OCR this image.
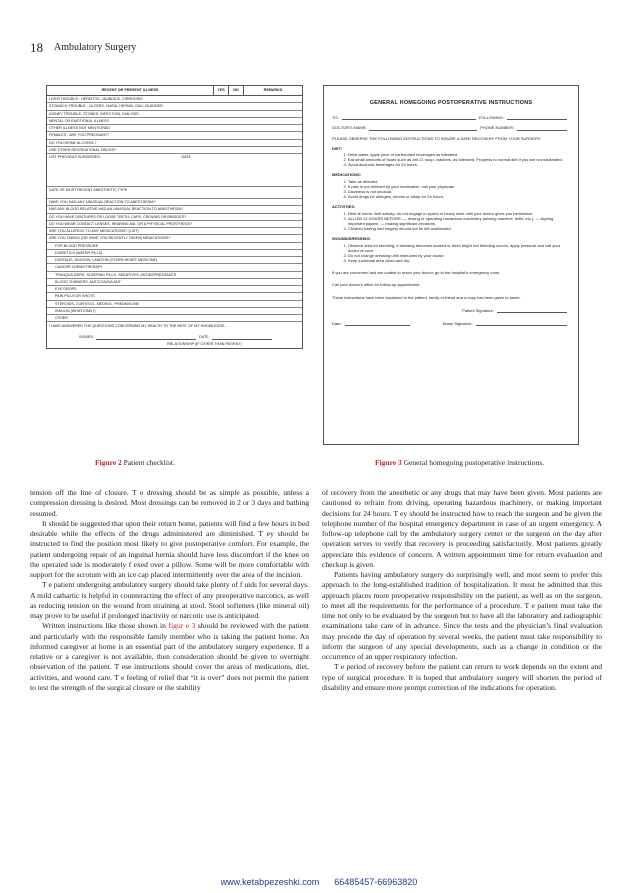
18 Ambulatory Surgery
RECENT OR PRESENT ILLNESS	YES	NO	REMARKS
LIVER TROUBLE : HEPATITIS, JAUNDICE, CIRRHOSIS
STOMACH TROUBLE : ULCERS, HIATAL HERNIA, GALL BLADDER
KIDNEY TROUBLE, STONES, INFECTION, DIALYSIS
MENTAL OR EMOTIONAL ILLNESS
OTHER ILLNESS NOT MENTIONED
FEMALES : ARE YOU PREGNANT?
DO YOU DRINK ALCOHOL?
USE OTHER RECREATIONAL DRUGS?
LIST PREVIOUS SURGERIES:	DATE
DATE OF MOST RECENT ANESTHETIC TYPE
HAVE YOU HAD ANY UNUSUAL REACTION TO ANESTHESIA?
HAS ANY BLOOD RELATIVE HAD AN UNUSUAL REACTION TO ANESTHESIA?
DO YOU HAVE DENTURES OR LOOSE TEETH, CAPS, CROWNS OR BRIDGES?
DO YOU WEAR CONTACT LENSES, HEARING AID, OR A PHYSICAL PROSTHESIS?
ARE YOU ALLERGIC TO ANY MEDICATIONS? (LIST)
ARE YOU TAKING (OR HAVE YOU RECENTLY TAKEN) MEDICATIONS?
FOR BLOOD PRESSURE
DIURETICS (WATER PILLS)
DIGITALIS, DIGOXIN, LANOXIN (OTHER HEART MEDICINE)
CANCER CHEMOTHERAPY
TRANQUILIZERS, SLEEPING PILLS, SEDATIVES, ANTIDEPRESSANTS
BLOOD THINNERS, ANTICOAGULANT
EYE DROPS
PAIN PILLS OR SHOTS
STEROIDS, CORTISOL, MEDROL, PREDNISONE
INSULIN (WHAT KIND?)
OTHER
I HAVE ANSWERED THE QUESTIONS CONCERNING MY HEALTH TO THE BEST OF MY KNOWLEDGE.
SIGNED	DATE
RELATIONSHIP (IF OTHER THAN PATIENT)
Figure 2 Patient checklist.
GENERAL HOMEGOING POSTOPERATIVE INSTRUCTIONS
TO:	FOLLOWING:
DOCTOR'S NAME:	PHONE NUMBER:
PLEASE OBSERVE THE FOLLOWING INSTRUCTIONS TO INSURE A SAFE RECOVERY FROM YOUR SURGERY.
DIET:
1. Drink water, apple juice or carbonated beverages as tolerated.
2. Eat small amounts of foods such as Jell-O, soup, crackers, as tolerated. Progress to normal diet if you are not nauseated.
3. Avoid alcoholic beverages for 24 hours.
MEDICATIONS:
1. Take as directed.
2. If pain is not relieved by your medication, call your physician.
3. Dizziness is not unusual.
4. Avoid drugs for allergies, nerves or sleep for 24 hours.
ACTIVITIES:
1. Rest at home; limit activity; do not engage in sports or heavy work until your doctor gives you permission.
2. ALLOW 24 HOURS BEFORE: — driving or operating hazardous machinery (sewing machine, drills, etc.). — signing important papers. — making significant decisions.
3. Children having had surgery should not be left unattended.
WOUND/DRESSING:
1. Observe area for bleeding; if dressing becomes soaked or fresh bright red bleeding occurs, apply pressure and call your doctor at once.
2. Do not change dressing until instructed by your doctor.
3. Keep incisional area clean and dry.
If you are concerned and are unable to reach your doctor, go to the hospital's emergency room.
Call your doctor's office for follow-up appointment.
These instructions have been explained to the patient, family or friend and a copy has been given to same.
Patient Signature:
Date:	Nurse Signature:
Figure 3 General homegoing postoperative instructions.

tension off the line of closure. T e dressing should be as simple as possible, unless a compression dressing is desired. Most dressings can be removed in 2 or 3 days and bathing resumed.

It should be suggested that upon their return home, patients will find a few hours in bed desirable while the effects of the drugs administered are diminished. T ey should be instructed to find the position most likely to give postoperative comfort. For example, the patient undergoing repair of an inguinal hernia should have less discomfort if the knee on the operated side is moderately f exed over a pillow. Some will be more comfortable with support for the scrotum with an ice cap placed intermittently over the area of the incision.

T e patient undergoing ambulatory surgery should take plenty of f uids for several days. A mild cathartic is helpful in counteracting the effect of any preoperative narcotics, as well as reducing tension on the wound from straining at stool. Stool softeners (like mineral oil) may prove to be useful if prolonged inactivity or narcotic use is anticipated.

Written instructions like those shown in figur e 3 should be reviewed with the patient and particularly with the responsible family member who is taking the patient home. An informed caregiver at home is an essential part of the ambulatory surgery experience. If a relative or a caregiver is not available, then consideration should be given to overnight observation of the patient. T ese instructions should cover the areas of medications, diet, activities, and wound care. T e feeling of relief that “it is over” does not permit the patient to test the strength of the surgical closure or the stability

of recovery from the anesthetic or any drugs that may have been given. Most patients are cautioned to refrain from driving, operating hazardous machinery, or making important decisions for 24 hours. T ey should be instructed how to reach the surgeon and be given the telephone number of the hospital emergency department in case of an urgent emergency. A follow-up telephone call by the ambulatory surgery center or the surgeon on the day after operation serves to verify that recovery is proceeding satisfactorily. Most patients greatly appreciate this evidence of concern. A written appointment time for return evaluation and checkup is given.

Patients having ambulatory surgery do surprisingly well, and most seem to prefer this approach to the long-established tradition of hospitalization. It must be admitted that this approach places more preoperative responsibility on the patient, as well as on the surgeon, to meet all the requirements for the performance of a procedure. T e patient must take the time not only to be evaluated by the surgeon but to have all the laboratory and radiographic examinations take care of in advance. Since the tests and the physician’s final evaluation may precede the day of operation by several weeks, the patient must take responsibility to inform the surgeon of any special developments, such as a change in condition or the occurrence of an upper respiratory infection.

T e period of recovery before the patient can return to work depends on the extent and type of surgical procedure. It is hoped that ambulatory surgery will shorten the period of disability and ensure more prompt correction of the indications for operation.

www.ketabpezeshki.com 66485457-66963820
